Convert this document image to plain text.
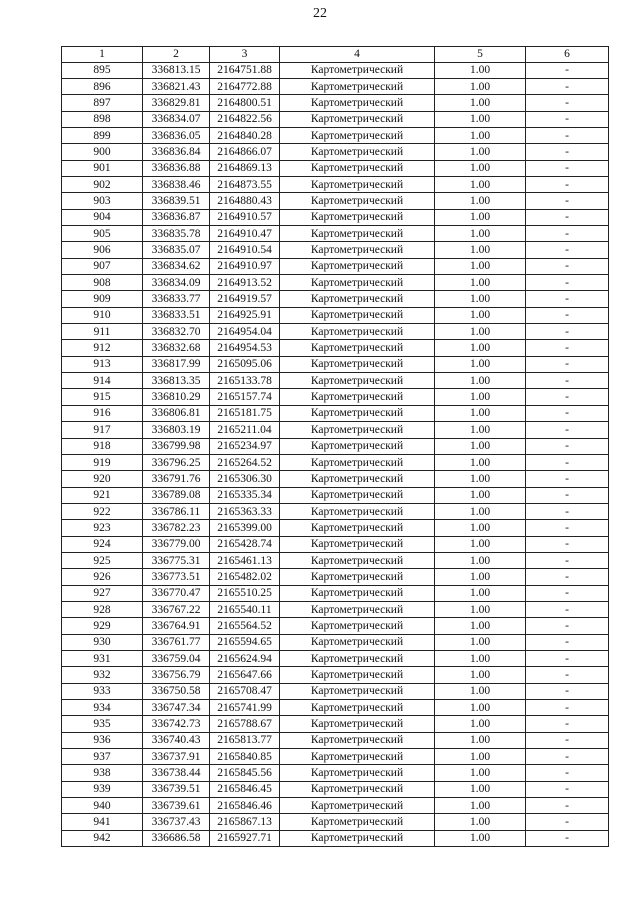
22
1	2	3	4	5	6
895	336813.15	2164751.88	Картометрический	1.00	-
896	336821.43	2164772.88	Картометрический	1.00	-
897	336829.81	2164800.51	Картометрический	1.00	-
898	336834.07	2164822.56	Картометрический	1.00	-
899	336836.05	2164840.28	Картометрический	1.00	-
900	336836.84	2164866.07	Картометрический	1.00	-
901	336836.88	2164869.13	Картометрический	1.00	-
902	336838.46	2164873.55	Картометрический	1.00	-
903	336839.51	2164880.43	Картометрический	1.00	-
904	336836.87	2164910.57	Картометрический	1.00	-
905	336835.78	2164910.47	Картометрический	1.00	-
906	336835.07	2164910.54	Картометрический	1.00	-
907	336834.62	2164910.97	Картометрический	1.00	-
908	336834.09	2164913.52	Картометрический	1.00	-
909	336833.77	2164919.57	Картометрический	1.00	-
910	336833.51	2164925.91	Картометрический	1.00	-
911	336832.70	2164954.04	Картометрический	1.00	-
912	336832.68	2164954.53	Картометрический	1.00	-
913	336817.99	2165095.06	Картометрический	1.00	-
914	336813.35	2165133.78	Картометрический	1.00	-
915	336810.29	2165157.74	Картометрический	1.00	-
916	336806.81	2165181.75	Картометрический	1.00	-
917	336803.19	2165211.04	Картометрический	1.00	-
918	336799.98	2165234.97	Картометрический	1.00	-
919	336796.25	2165264.52	Картометрический	1.00	-
920	336791.76	2165306.30	Картометрический	1.00	-
921	336789.08	2165335.34	Картометрический	1.00	-
922	336786.11	2165363.33	Картометрический	1.00	-
923	336782.23	2165399.00	Картометрический	1.00	-
924	336779.00	2165428.74	Картометрический	1.00	-
925	336775.31	2165461.13	Картометрический	1.00	-
926	336773.51	2165482.02	Картометрический	1.00	-
927	336770.47	2165510.25	Картометрический	1.00	-
928	336767.22	2165540.11	Картометрический	1.00	-
929	336764.91	2165564.52	Картометрический	1.00	-
930	336761.77	2165594.65	Картометрический	1.00	-
931	336759.04	2165624.94	Картометрический	1.00	-
932	336756.79	2165647.66	Картометрический	1.00	-
933	336750.58	2165708.47	Картометрический	1.00	-
934	336747.34	2165741.99	Картометрический	1.00	-
935	336742.73	2165788.67	Картометрический	1.00	-
936	336740.43	2165813.77	Картометрический	1.00	-
937	336737.91	2165840.85	Картометрический	1.00	-
938	336738.44	2165845.56	Картометрический	1.00	-
939	336739.51	2165846.45	Картометрический	1.00	-
940	336739.61	2165846.46	Картометрический	1.00	-
941	336737.43	2165867.13	Картометрический	1.00	-
942	336686.58	2165927.71	Картометрический	1.00	-
